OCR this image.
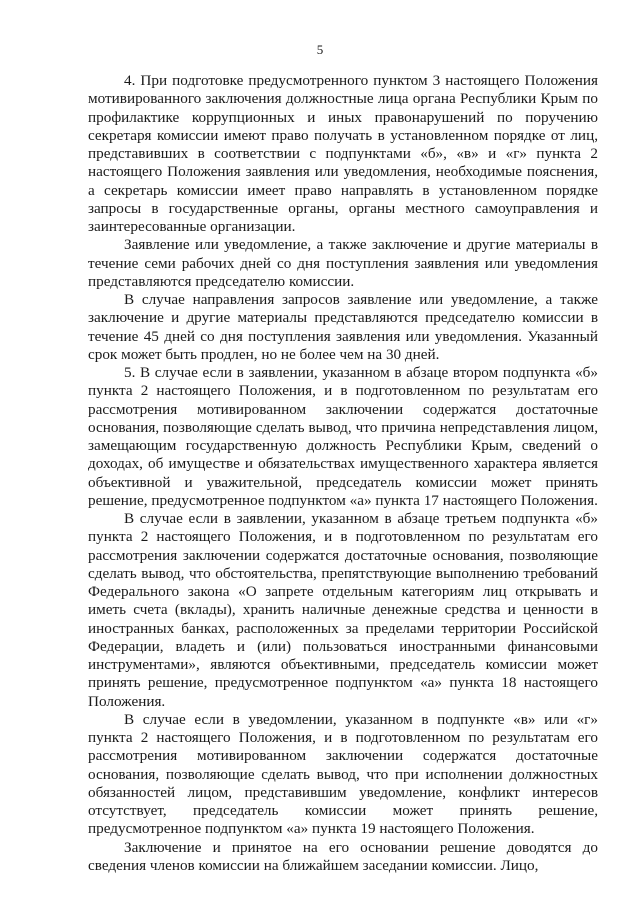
5

4. При подготовке предусмотренного пунктом 3 настоящего Положения мотивированного заключения должностные лица органа Республики Крым по профилактике коррупционных и иных правонарушений по поручению секретаря комиссии имеют право получать в установленном порядке от лиц, представивших в соответствии с подпунктами «б», «в» и «г» пункта 2 настоящего Положения заявления или уведомления, необходимые пояснения, а секретарь комиссии имеет право направлять в установленном порядке запросы в государственные органы, органы местного самоуправления и заинтересованные организации.

Заявление или уведомление, а также заключение и другие материалы в течение семи рабочих дней со дня поступления заявления или уведомления представляются председателю комиссии.

В случае направления запросов заявление или уведомление, а также заключение и другие материалы представляются председателю комиссии в течение 45 дней со дня поступления заявления или уведомления. Указанный срок может быть продлен, но не более чем на 30 дней.

5. В случае если в заявлении, указанном в абзаце втором подпункта «б» пункта 2 настоящего Положения, и в подготовленном по результатам его рассмотрения мотивированном заключении содержатся достаточные основания, позволяющие сделать вывод, что причина непредставления лицом, замещающим государственную должность Республики Крым, сведений о доходах, об имуществе и обязательствах имущественного характера является объективной и уважительной, председатель комиссии может принять решение, предусмотренное подпунктом «а» пункта 17 настоящего Положения.

В случае если в заявлении, указанном в абзаце третьем подпункта «б» пункта 2 настоящего Положения, и в подготовленном по результатам его рассмотрения заключении содержатся достаточные основания, позволяющие сделать вывод, что обстоятельства, препятствующие выполнению требований Федерального закона «О запрете отдельным категориям лиц открывать и иметь счета (вклады), хранить наличные денежные средства и ценности в иностранных банках, расположенных за пределами территории Российской Федерации, владеть и (или) пользоваться иностранными финансовыми инструментами», являются объективными, председатель комиссии может принять решение, предусмотренное подпунктом «а» пункта 18 настоящего Положения.

В случае если в уведомлении, указанном в подпункте «в» или «г» пункта 2 настоящего Положения, и в подготовленном по результатам его рассмотрения мотивированном заключении содержатся достаточные основания, позволяющие сделать вывод, что при исполнении должностных обязанностей лицом, представившим уведомление, конфликт интересов отсутствует, председатель комиссии может принять решение, предусмотренное подпунктом «а» пункта 19 настоящего Положения.

Заключение и принятое на его основании решение доводятся до сведения членов комиссии на ближайшем заседании комиссии. Лицо,
